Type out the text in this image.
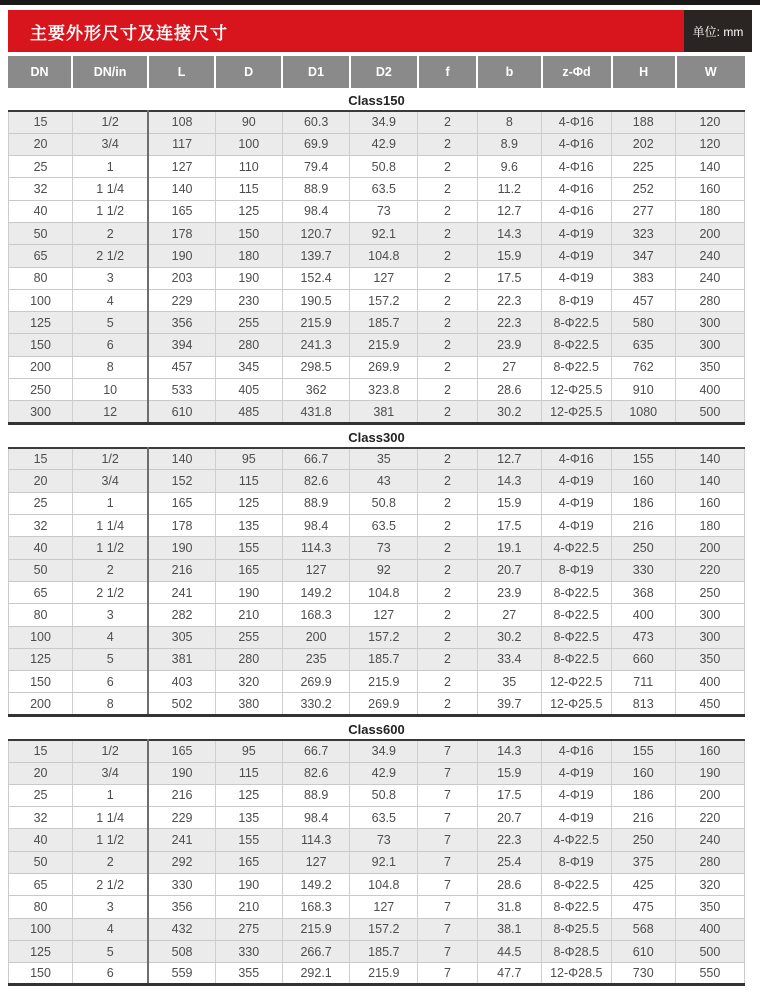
主要外形尺寸及连接尺寸	单位: mm
DN	DN/in	L	D	D1	D2	f	b	z-Φd	H	W
Class150
15	1/2	108	90	60.3	34.9	2	8	4-Φ16	188	120
20	3/4	117	100	69.9	42.9	2	8.9	4-Φ16	202	120
25	1	127	110	79.4	50.8	2	9.6	4-Φ16	225	140
32	1 1/4	140	115	88.9	63.5	2	11.2	4-Φ16	252	160
40	1 1/2	165	125	98.4	73	2	12.7	4-Φ16	277	180
50	2	178	150	120.7	92.1	2	14.3	4-Φ19	323	200
65	2 1/2	190	180	139.7	104.8	2	15.9	4-Φ19	347	240
80	3	203	190	152.4	127	2	17.5	4-Φ19	383	240
100	4	229	230	190.5	157.2	2	22.3	8-Φ19	457	280
125	5	356	255	215.9	185.7	2	22.3	8-Φ22.5	580	300
150	6	394	280	241.3	215.9	2	23.9	8-Φ22.5	635	300
200	8	457	345	298.5	269.9	2	27	8-Φ22.5	762	350
250	10	533	405	362	323.8	2	28.6	12-Φ25.5	910	400
300	12	610	485	431.8	381	2	30.2	12-Φ25.5	1080	500
Class300
15	1/2	140	95	66.7	35	2	12.7	4-Φ16	155	140
20	3/4	152	115	82.6	43	2	14.3	4-Φ19	160	140
25	1	165	125	88.9	50.8	2	15.9	4-Φ19	186	160
32	1 1/4	178	135	98.4	63.5	2	17.5	4-Φ19	216	180
40	1 1/2	190	155	114.3	73	2	19.1	4-Φ22.5	250	200
50	2	216	165	127	92	2	20.7	8-Φ19	330	220
65	2 1/2	241	190	149.2	104.8	2	23.9	8-Φ22.5	368	250
80	3	282	210	168.3	127	2	27	8-Φ22.5	400	300
100	4	305	255	200	157.2	2	30.2	8-Φ22.5	473	300
125	5	381	280	235	185.7	2	33.4	8-Φ22.5	660	350
150	6	403	320	269.9	215.9	2	35	12-Φ22.5	711	400
200	8	502	380	330.2	269.9	2	39.7	12-Φ25.5	813	450
Class600
15	1/2	165	95	66.7	34.9	7	14.3	4-Φ16	155	160
20	3/4	190	115	82.6	42.9	7	15.9	4-Φ19	160	190
25	1	216	125	88.9	50.8	7	17.5	4-Φ19	186	200
32	1 1/4	229	135	98.4	63.5	7	20.7	4-Φ19	216	220
40	1 1/2	241	155	114.3	73	7	22.3	4-Φ22.5	250	240
50	2	292	165	127	92.1	7	25.4	8-Φ19	375	280
65	2 1/2	330	190	149.2	104.8	7	28.6	8-Φ22.5	425	320
80	3	356	210	168.3	127	7	31.8	8-Φ22.5	475	350
100	4	432	275	215.9	157.2	7	38.1	8-Φ25.5	568	400
125	5	508	330	266.7	185.7	7	44.5	8-Φ28.5	610	500
150	6	559	355	292.1	215.9	7	47.7	12-Φ28.5	730	550
